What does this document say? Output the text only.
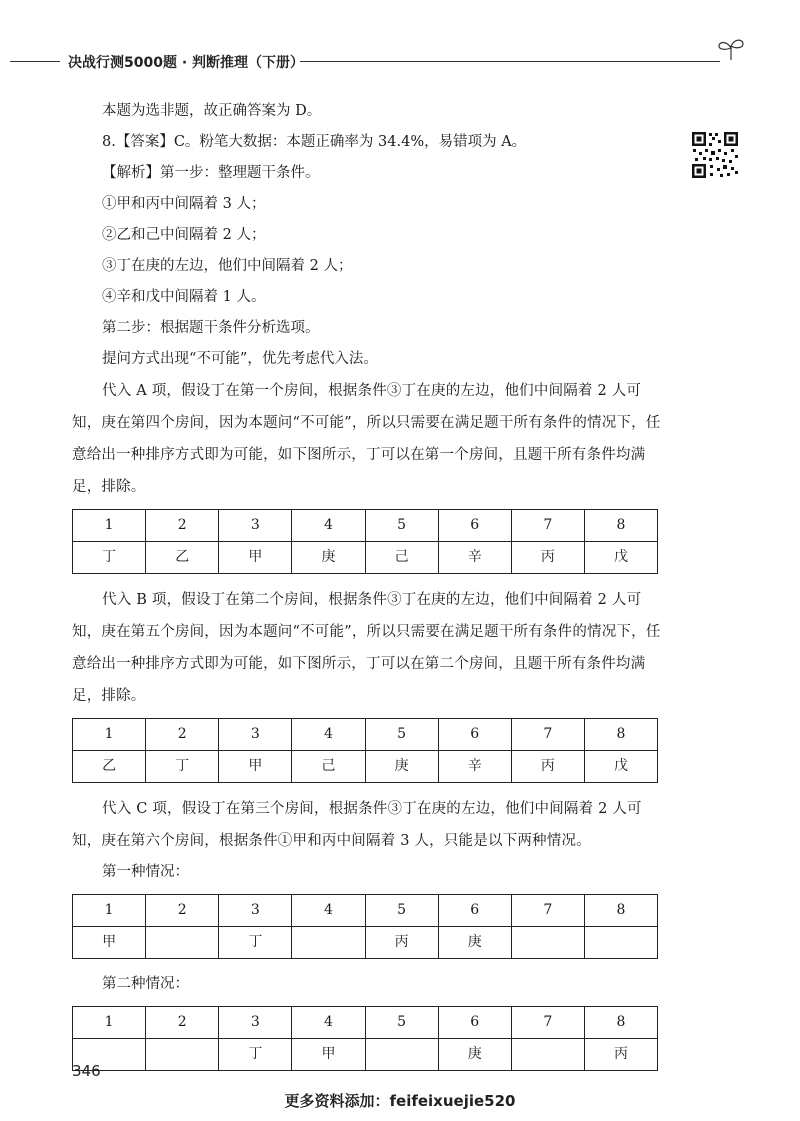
决战行测5000题 · 判断推理（下册）

本题为选非题，故正确答案为 D。

8.【答案】C。粉笔大数据：本题正确率为 34.4%，易错项为 A。

【解析】第一步：整理题干条件。

①甲和丙中间隔着 3 人；

②乙和己中间隔着 2 人；

③丁在庚的左边，他们中间隔着 2 人；

④辛和戊中间隔着 1 人。

第二步：根据题干条件分析选项。

提问方式出现“不可能”，优先考虑代入法。

代入 A 项，假设丁在第一个房间，根据条件③丁在庚的左边，他们中间隔着 2 人可知，庚在第四个房间，因为本题问“不可能”，所以只需要在满足题干所有条件的情况下，任意给出一种排序方式即为可能，如下图所示，丁可以在第一个房间，且题干所有条件均满足，排除。

1	2	3	4	5	6	7	8
丁	乙	甲	庚	己	辛	丙	戊

代入 B 项，假设丁在第二个房间，根据条件③丁在庚的左边，他们中间隔着 2 人可知，庚在第五个房间，因为本题问“不可能”，所以只需要在满足题干所有条件的情况下，任意给出一种排序方式即为可能，如下图所示，丁可以在第二个房间，且题干所有条件均满足，排除。

1	2	3	4	5	6	7	8
乙	丁	甲	己	庚	辛	丙	戊

代入 C 项，假设丁在第三个房间，根据条件③丁在庚的左边，他们中间隔着 2 人可知，庚在第六个房间，根据条件①甲和丙中间隔着 3 人，只能是以下两种情况。

第一种情况：

1	2	3	4	5	6	7	8
甲		丁		丙	庚		

第二种情况：

1	2	3	4	5	6	7	8
		丁	甲		庚		丙
346
更多资料添加：feifeixuejie520
